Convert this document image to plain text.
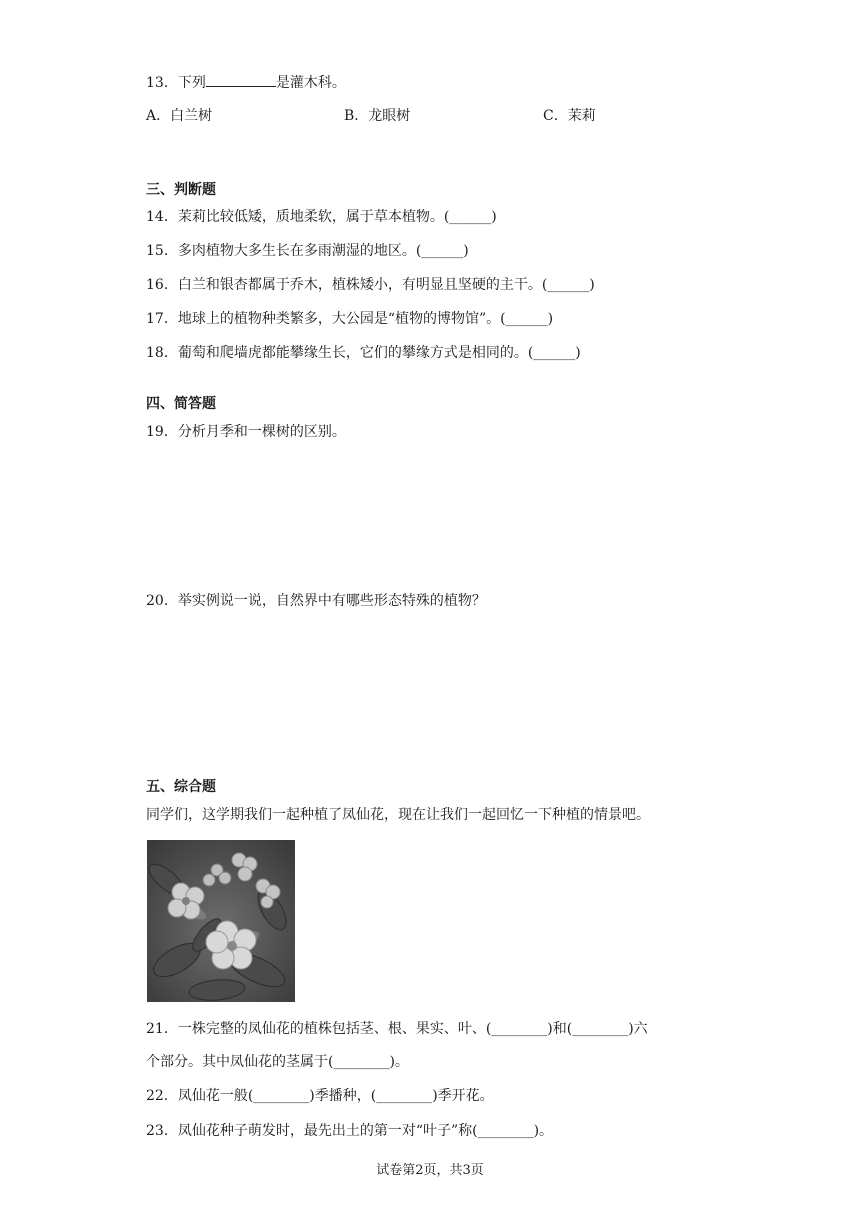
13．下列	是灌木科。
A．白兰树	B．龙眼树	C．茉莉
三、判断题
14．茉莉比较低矮，质地柔软，属于草本植物。(______)
15．多肉植物大多生长在多雨潮湿的地区。(______)
16．白兰和银杏都属于乔木，植株矮小，有明显且坚硬的主干。(______)
17．地球上的植物种类繁多，大公园是“植物的博物馆”。(______)
18．葡萄和爬墙虎都能攀缘生长，它们的攀缘方式是相同的。(______)
四、简答题
19．分析月季和一棵树的区别。
20．举实例说一说，自然界中有哪些形态特殊的植物？
五、综合题
同学们，这学期我们一起种植了凤仙花，现在让我们一起回忆一下种植的情景吧。
21．一株完整的凤仙花的植株包括茎、根、果实、叶、(________)和(________)六
个部分。其中凤仙花的茎属于(________)。
22．凤仙花一般(________)季播种，(________)季开花。
23．凤仙花种子萌发时，最先出土的第一对“叶子”称(________)。
试卷第2页，共3页
